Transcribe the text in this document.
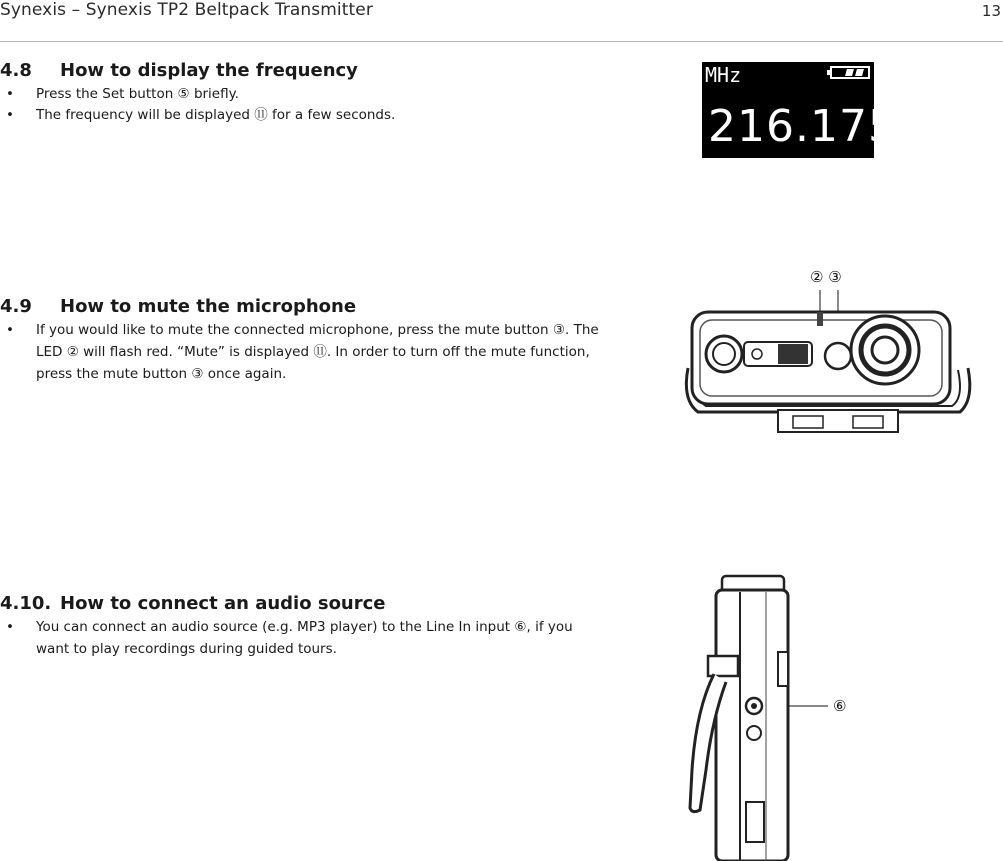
Synexis – Synexis TP2 Beltpack Transmitter	13
4.8 How to display the frequency
• Press the Set button ⑤ briefly.
• The frequency will be displayed ⑪ for a few seconds.
4.9 How to mute the microphone
• If you would like to mute the connected microphone, press the mute button ③. The LED ② will flash red. “Mute” is displayed ⑪. In order to turn off the mute function, press the mute button ③ once again.
4.10. How to connect an audio source
• You can connect an audio source (e.g. MP3 player) to the Line In input ⑥, if you want to play recordings during guided tours.
MHz
216.175
② ③
⑥
